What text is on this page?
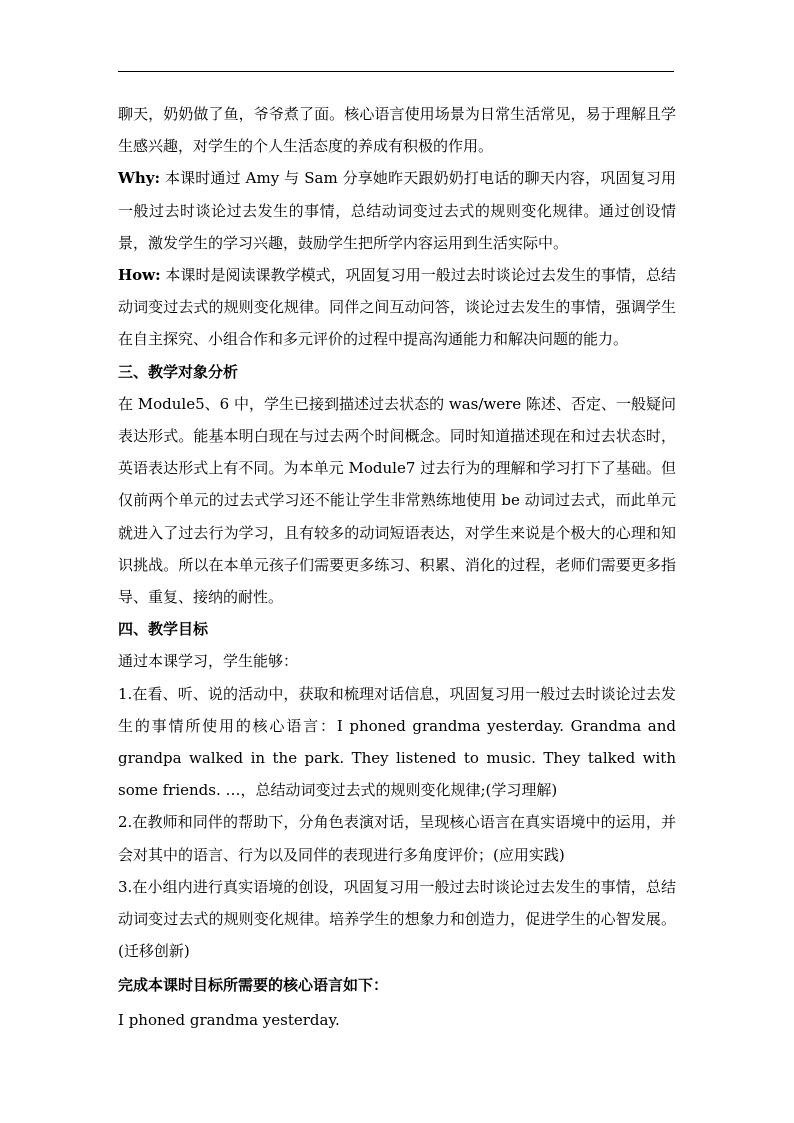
聊天，奶奶做了鱼，爷爷煮了面。核心语言使用场景为日常生活常见，易于理解且学生感兴趣，对学生的个人生活态度的养成有积极的作用。

Why: 本课时通过 Amy 与 Sam 分享她昨天跟奶奶打电话的聊天内容，巩固复习用一般过去时谈论过去发生的事情，总结动词变过去式的规则变化规律。通过创设情景，激发学生的学习兴趣，鼓励学生把所学内容运用到生活实际中。

How: 本课时是阅读课教学模式，巩固复习用一般过去时谈论过去发生的事情，总结动词变过去式的规则变化规律。同伴之间互动问答，谈论过去发生的事情，强调学生在自主探究、小组合作和多元评价的过程中提高沟通能力和解决问题的能力。

三、教学对象分析

在 Module5、6 中，学生已接到描述过去状态的 was/were 陈述、否定、一般疑问表达形式。能基本明白现在与过去两个时间概念。同时知道描述现在和过去状态时，英语表达形式上有不同。为本单元 Module7 过去行为的理解和学习打下了基础。但仅前两个单元的过去式学习还不能让学生非常熟练地使用 be 动词过去式，而此单元就进入了过去行为学习，且有较多的动词短语表达，对学生来说是个极大的心理和知识挑战。所以在本单元孩子们需要更多练习、积累、消化的过程，老师们需要更多指导、重复、接纳的耐性。

四、教学目标

通过本课学习，学生能够：

1.在看、听、说的活动中，获取和梳理对话信息，巩固复习用一般过去时谈论过去发生的事情所使用的核心语言：I phoned grandma yesterday. Grandma and grandpa walked in the park. They listened to music. They talked with some friends. …，总结动词变过去式的规则变化规律;(学习理解)

2.在教师和同伴的帮助下，分角色表演对话，呈现核心语言在真实语境中的运用，并会对其中的语言、行为以及同伴的表现进行多角度评价；(应用实践)

3.在小组内进行真实语境的创设，巩固复习用一般过去时谈论过去发生的事情，总结动词变过去式的规则变化规律。培养学生的想象力和创造力，促进学生的心智发展。(迁移创新)

完成本课时目标所需要的核心语言如下：

I phoned grandma yesterday.
